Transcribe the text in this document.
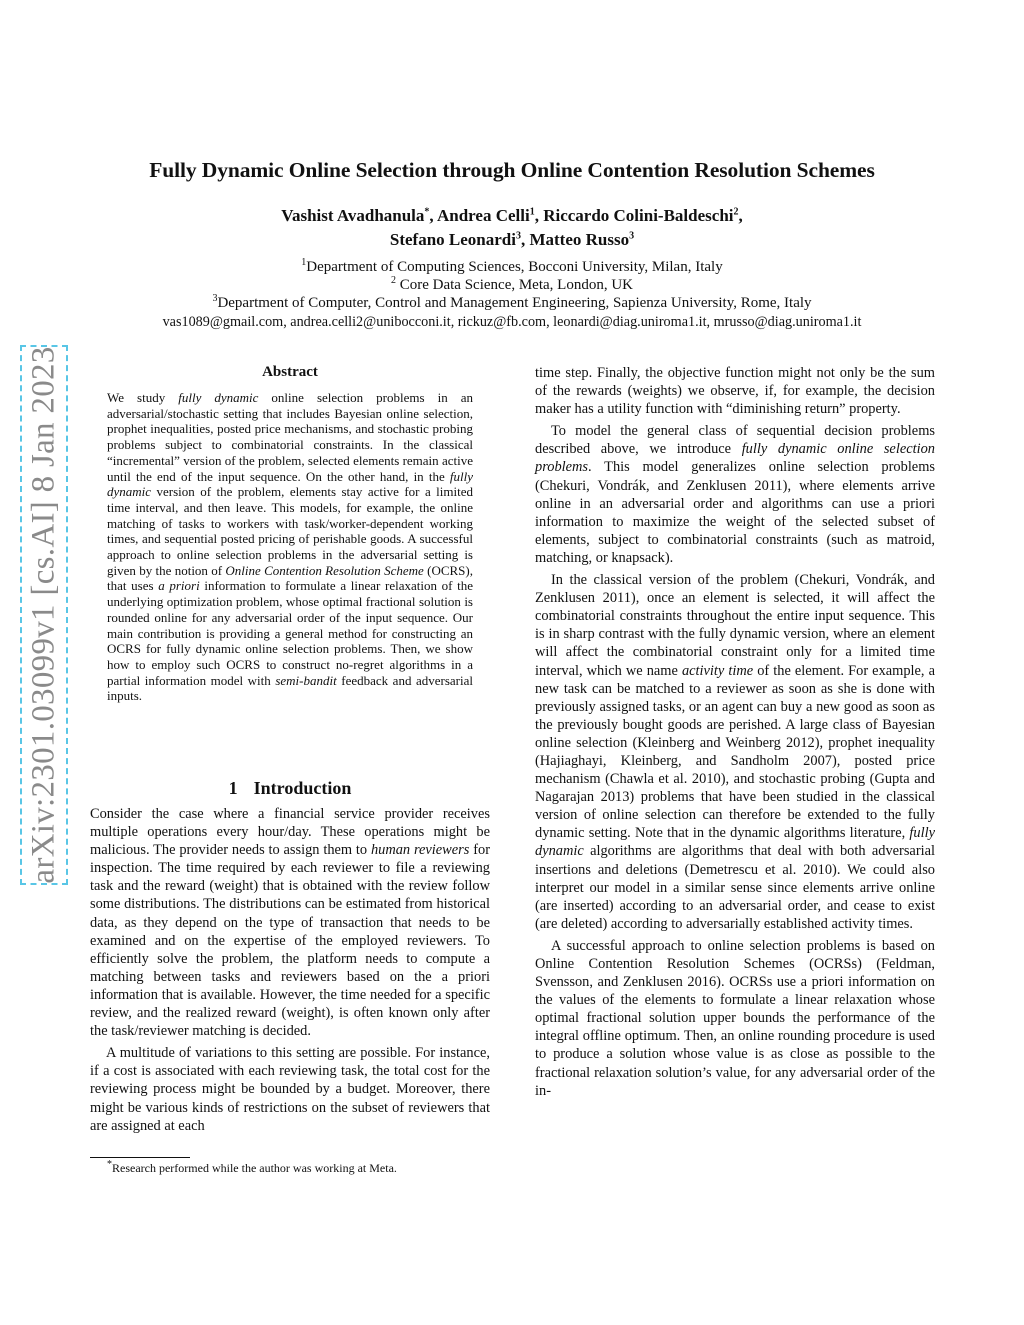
arXiv:2301.03099v1 [cs.AI] 8 Jan 2023
Fully Dynamic Online Selection through Online Contention Resolution Schemes
Vashist Avadhanula*, Andrea Celli$^1$, Riccardo Colini-Baldeschi$^2$,
Stefano Leonardi$^3$, Matteo Russo$^3$
$^1$Department of Computing Sciences, Bocconi University, Milan, Italy
$^2$ Core Data Science, Meta, London, UK
$^3$Department of Computer, Control and Management Engineering, Sapienza University, Rome, Italy
vas1089@gmail.com, andrea.celli2@unibocconi.it, rickuz@fb.com, leonardi@diag.uniroma1.it, mrusso@diag.uniroma1.it
Abstract
We study fully dynamic online selection problems in an adversarial/stochastic setting that includes Bayesian online selection, prophet inequalities, posted price mechanisms, and stochastic probing problems subject to combinatorial constraints. In the classical “incremental” version of the problem, selected elements remain active until the end of the input sequence. On the other hand, in the fully dynamic version of the problem, elements stay active for a limited time interval, and then leave. This models, for example, the online matching of tasks to workers with task/worker-dependent working times, and sequential posted pricing of perishable goods. A successful approach to online selection problems in the adversarial setting is given by the notion of Online Contention Resolution Scheme (OCRS), that uses a priori information to formulate a linear relaxation of the underlying optimization problem, whose optimal fractional solution is rounded online for any adversarial order of the input sequence. Our main contribution is providing a general method for constructing an OCRS for fully dynamic online selection problems. Then, we show how to employ such OCRS to construct no-regret algorithms in a partial information model with semi-bandit feedback and adversarial inputs.
1 Introduction

Consider the case where a financial service provider receives multiple operations every hour/day. These operations might be malicious. The provider needs to assign them to human reviewers for inspection. The time required by each reviewer to file a reviewing task and the reward (weight) that is obtained with the review follow some distributions. The distributions can be estimated from historical data, as they depend on the type of transaction that needs to be examined and on the expertise of the employed reviewers. To efficiently solve the problem, the platform needs to compute a matching between tasks and reviewers based on the a priori information that is available. However, the time needed for a specific review, and the realized reward (weight), is often known only after the task/reviewer matching is decided.

A multitude of variations to this setting are possible. For instance, if a cost is associated with each reviewing task, the total cost for the reviewing process might be bounded by a budget. Moreover, there might be various kinds of restrictions on the subset of reviewers that are assigned at each

*Research performed while the author was working at Meta.

time step. Finally, the objective function might not only be the sum of the rewards (weights) we observe, if, for example, the decision maker has a utility function with “diminishing return” property.

To model the general class of sequential decision problems described above, we introduce fully dynamic online selection problems. This model generalizes online selection problems (Chekuri, Vondrák, and Zenklusen 2011), where elements arrive online in an adversarial order and algorithms can use a priori information to maximize the weight of the selected subset of elements, subject to combinatorial constraints (such as matroid, matching, or knapsack).

In the classical version of the problem (Chekuri, Vondrák, and Zenklusen 2011), once an element is selected, it will affect the combinatorial constraints throughout the entire input sequence. This is in sharp contrast with the fully dynamic version, where an element will affect the combinatorial constraint only for a limited time interval, which we name activity time of the element. For example, a new task can be matched to a reviewer as soon as she is done with previously assigned tasks, or an agent can buy a new good as soon as the previously bought goods are perished. A large class of Bayesian online selection (Kleinberg and Weinberg 2012), prophet inequality (Hajiaghayi, Kleinberg, and Sandholm 2007), posted price mechanism (Chawla et al. 2010), and stochastic probing (Gupta and Nagarajan 2013) problems that have been studied in the classical version of online selection can therefore be extended to the fully dynamic setting. Note that in the dynamic algorithms literature, fully dynamic algorithms are algorithms that deal with both adversarial insertions and deletions (Demetrescu et al. 2010). We could also interpret our model in a similar sense since elements arrive online (are inserted) according to an adversarial order, and cease to exist (are deleted) according to adversarially established activity times.

A successful approach to online selection problems is based on Online Contention Resolution Schemes (OCRSs) (Feldman, Svensson, and Zenklusen 2016). OCRSs use a priori information on the values of the elements to formulate a linear relaxation whose optimal fractional solution upper bounds the performance of the integral offline optimum. Then, an online rounding procedure is used to produce a solution whose value is as close as possible to the fractional relaxation solution’s value, for any adversarial order of the in-
